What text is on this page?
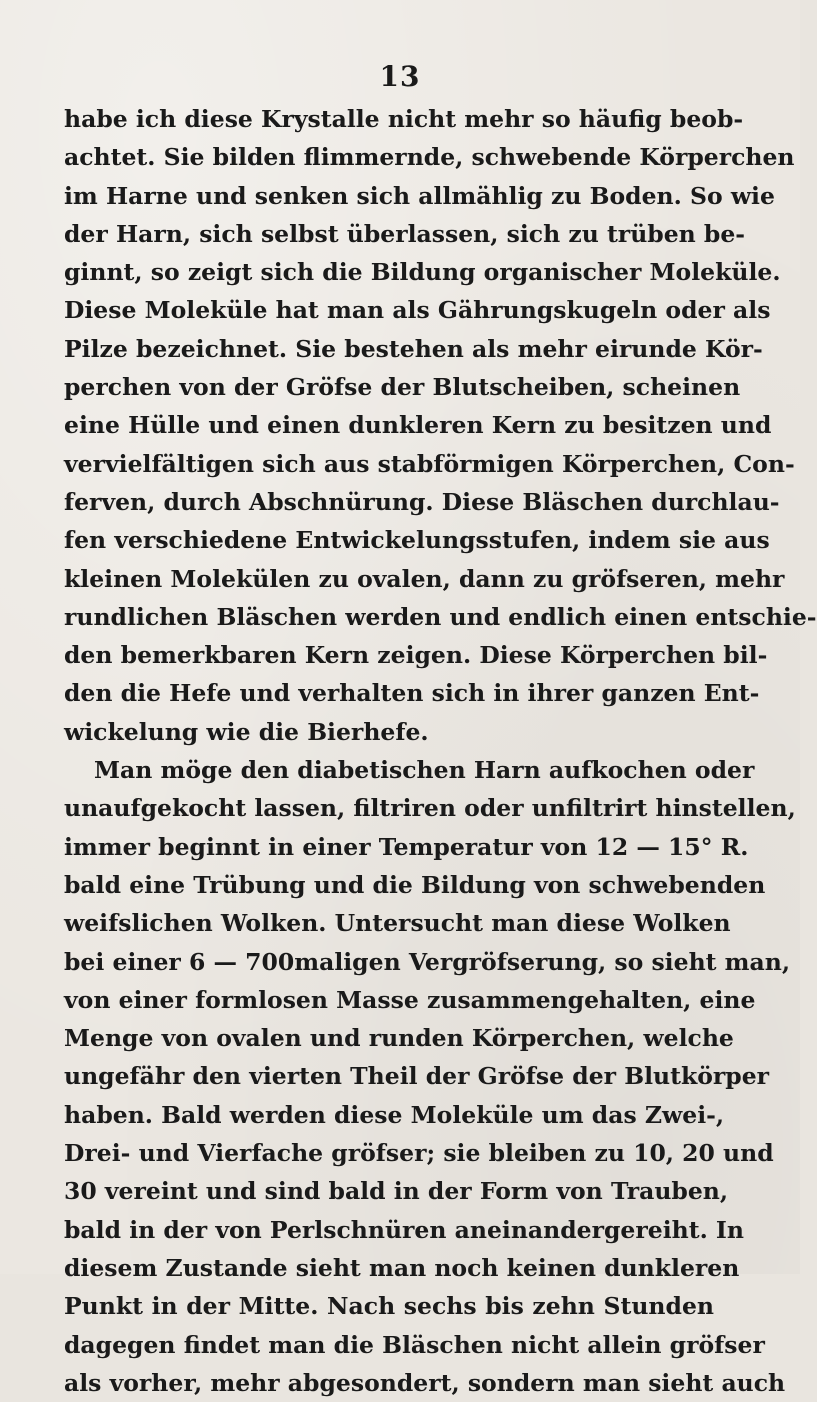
13
habe ich diese Krystalle nicht mehr so häufig beob-
achtet. Sie bilden flimmernde, schwebende Körperchen
im Harne und senken sich allmählig zu Boden. So wie
der Harn, sich selbst überlassen, sich zu trüben be-
ginnt, so zeigt sich die Bildung organischer Moleküle.
Diese Moleküle hat man als Gährungskugeln oder als
Pilze bezeichnet. Sie bestehen als mehr eirunde Kör-
perchen von der Gröfse der Blutscheiben, scheinen
eine Hülle und einen dunkleren Kern zu besitzen und
vervielfältigen sich aus stabförmigen Körperchen, Con-
ferven, durch Abschnürung. Diese Bläschen durchlau-
fen verschiedene Entwickelungsstufen, indem sie aus
kleinen Molekülen zu ovalen, dann zu gröfseren, mehr
rundlichen Bläschen werden und endlich einen entschie-
den bemerkbaren Kern zeigen. Diese Körperchen bil-
den die Hefe und verhalten sich in ihrer ganzen Ent-
wickelung wie die Bierhefe.
Man möge den diabetischen Harn aufkochen oder
unaufgekocht lassen, filtriren oder unfiltrirt hinstellen,
immer beginnt in einer Temperatur von 12 — 15° R.
bald eine Trübung und die Bildung von schwebenden
weifslichen Wolken. Untersucht man diese Wolken
bei einer 6 — 700maligen Vergröfserung, so sieht man,
von einer formlosen Masse zusammengehalten, eine
Menge von ovalen und runden Körperchen, welche
ungefähr den vierten Theil der Gröfse der Blutkörper
haben. Bald werden diese Moleküle um das Zwei-,
Drei- und Vierfache gröfser; sie bleiben zu 10, 20 und
30 vereint und sind bald in der Form von Trauben,
bald in der von Perlschnüren aneinandergereiht. In
diesem Zustande sieht man noch keinen dunkleren
Punkt in der Mitte. Nach sechs bis zehn Stunden
dagegen findet man die Bläschen nicht allein gröfser
als vorher, mehr abgesondert, sondern man sieht auch
